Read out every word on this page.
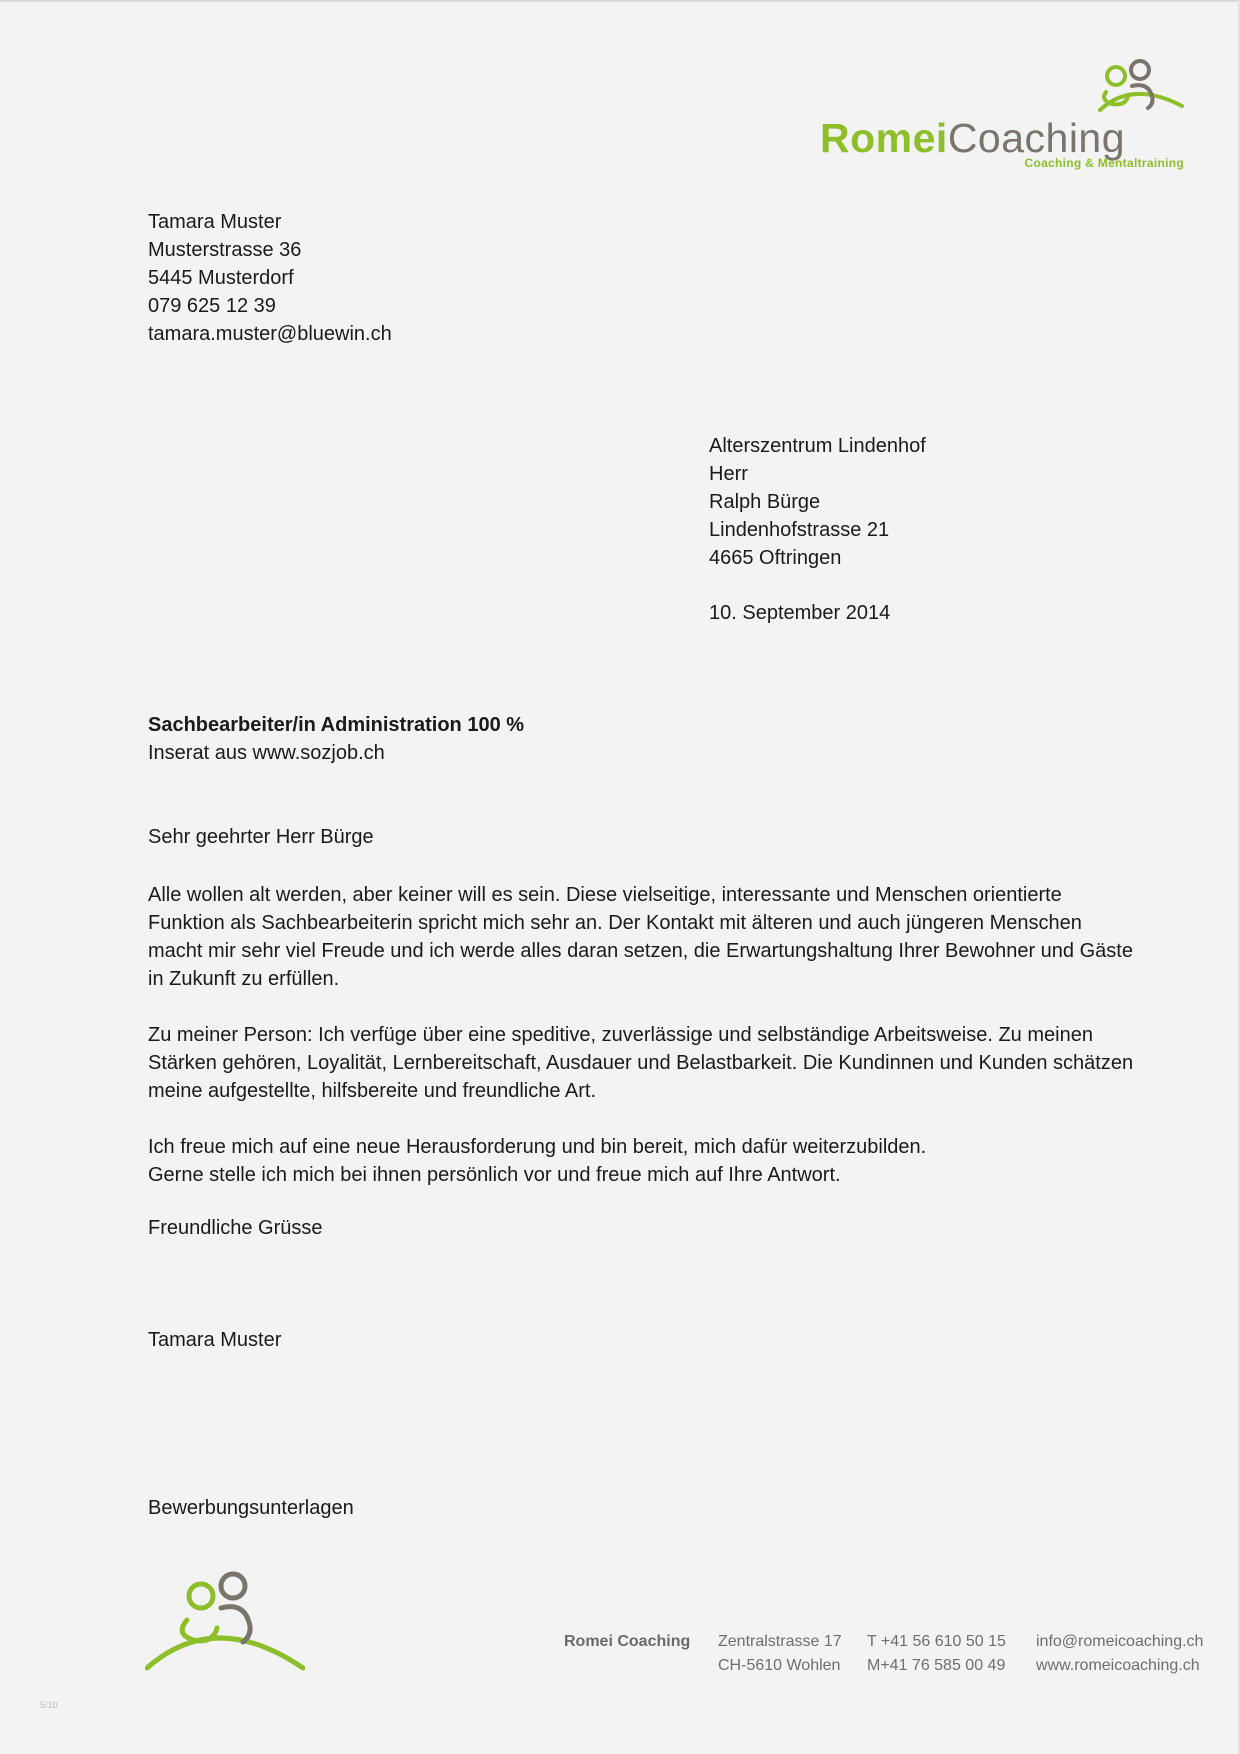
RomeiCoaching
Coaching & Mentaltraining
Tamara Muster
Musterstrasse 36
5445 Musterdorf
079 625 12 39
tamara.muster@bluewin.ch
Alterszentrum Lindenhof
Herr
Ralph Bürge
Lindenhofstrasse 21
4665 Oftringen
10. September 2014
Sachbearbeiter/in Administration 100 %
Inserat aus www.sozjob.ch
Sehr geehrter Herr Bürge
Alle wollen alt werden, aber keiner will es sein. Diese vielseitige, interessante und Menschen orientierte
Funktion als Sachbearbeiterin spricht mich sehr an. Der Kontakt mit älteren und auch jüngeren Menschen
macht mir sehr viel Freude und ich werde alles daran setzen, die Erwartungshaltung Ihrer Bewohner und Gäste
in Zukunft zu erfüllen.
Zu meiner Person: Ich verfüge über eine speditive, zuverlässige und selbständige Arbeitsweise. Zu meinen
Stärken gehören, Loyalität, Lernbereitschaft, Ausdauer und Belastbarkeit. Die Kundinnen und Kunden schätzen
meine aufgestellte, hilfsbereite und freundliche Art.
Ich freue mich auf eine neue Herausforderung und bin bereit, mich dafür weiterzubilden.
Gerne stelle ich mich bei ihnen persönlich vor und freue mich auf Ihre Antwort.
Freundliche Grüsse
Tamara Muster
Bewerbungsunterlagen
Romei Coaching Zentralstrasse 17
CH-5610 Wohlen
T +41 56 610 50 15
M+41 76 585 00 49
info@romeicoaching.ch
www.romeicoaching.ch
5/10
